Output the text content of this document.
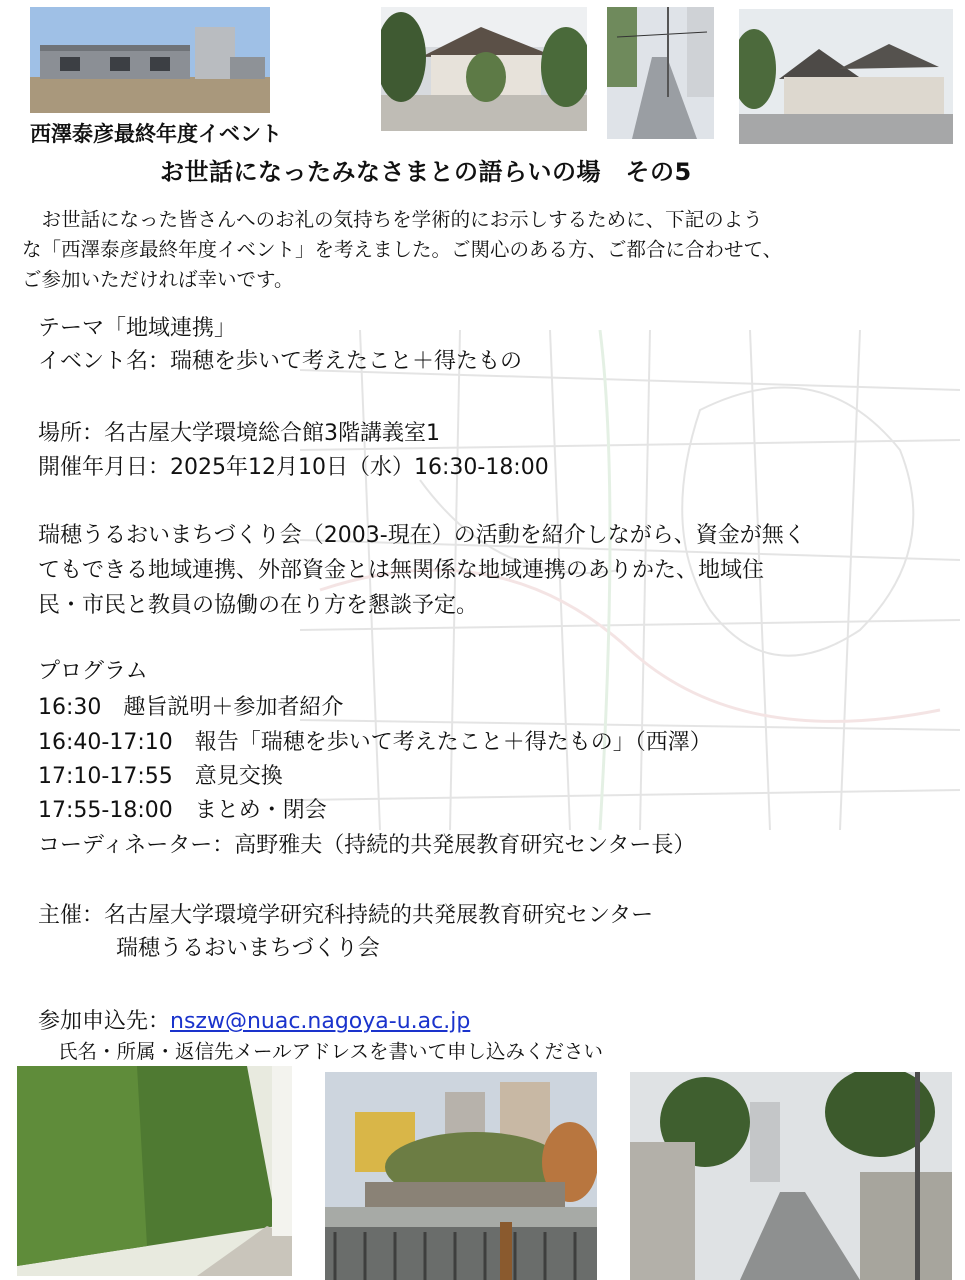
西澤泰彦最終年度イベント
お世話になったみなさまとの語らいの場　その5

　お世話になった皆さんへのお礼の気持ちを学術的にお示しするために、下記のよう

な「西澤泰彦最終年度イベント」を考えました。ご関心のある方、ご都合に合わせて、

ご参加いただければ幸いです。

テーマ「地域連携」
イベント名：瑞穂を歩いて考えたこと＋得たもの
場所：名古屋大学環境総合館3階講義室1
開催年月日：2025年12月10日（水）16:30-18:00

瑞穂うるおいまちづくり会（2003-現在）の活動を紹介しながら、資金が無く

てもできる地域連携、外部資金とは無関係な地域連携のありかた、地域住

民・市民と教員の協働の在り方を懇談予定。

プログラム
16:30 趣旨説明＋参加者紹介
16:40-17:10 報告「瑞穂を歩いて考えたこと＋得たもの」（西澤）
17:10-17:55 意見交換
17:55-18:00 まとめ・閉会
コーディネーター：高野雅夫（持続的共発展教育研究センター長）
主催：名古屋大学環境学研究科持続的共発展教育研究センター
瑞穂うるおいまちづくり会
参加申込先：nszw@nuac.nagoya-u.ac.jp
氏名・所属・返信先メールアドレスを書いて申し込みください
